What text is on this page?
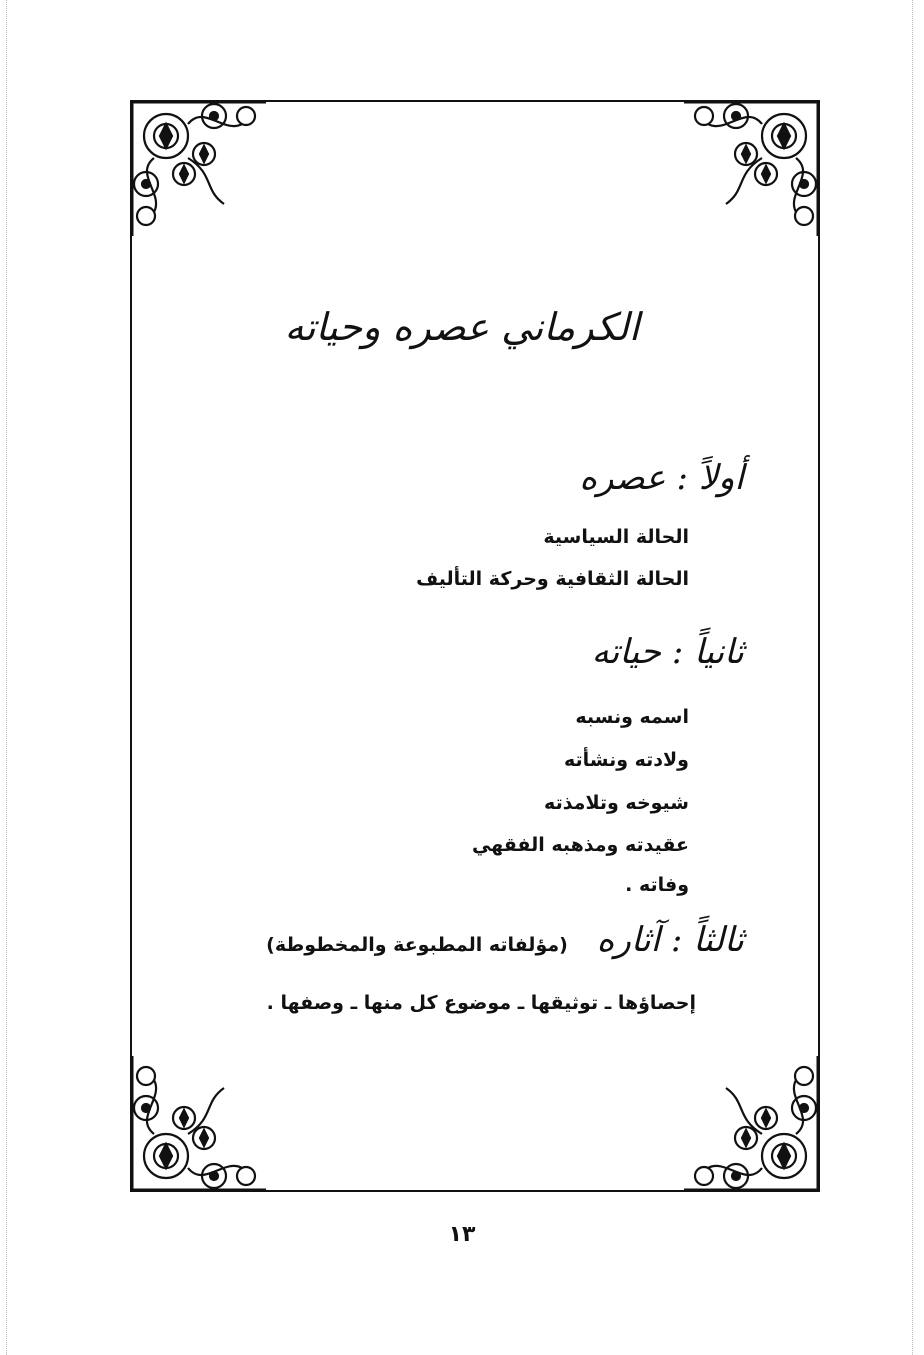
الكرماني عصره وحياته
أولاً : عصره
الحالة السياسية
الحالة الثقافية وحركة التأليف
ثانياً : حياته
اسمه ونسبه
ولادته ونشأته
شيوخه وتلامذته
عقيدته ومذهبه الفقهي
وفاته .
ثالثاً : آثاره (مؤلفاته المطبوعة والمخطوطة)
إحصاؤها ـ توثيقها ـ موضوع كل منها ـ وصفها .
١٣
